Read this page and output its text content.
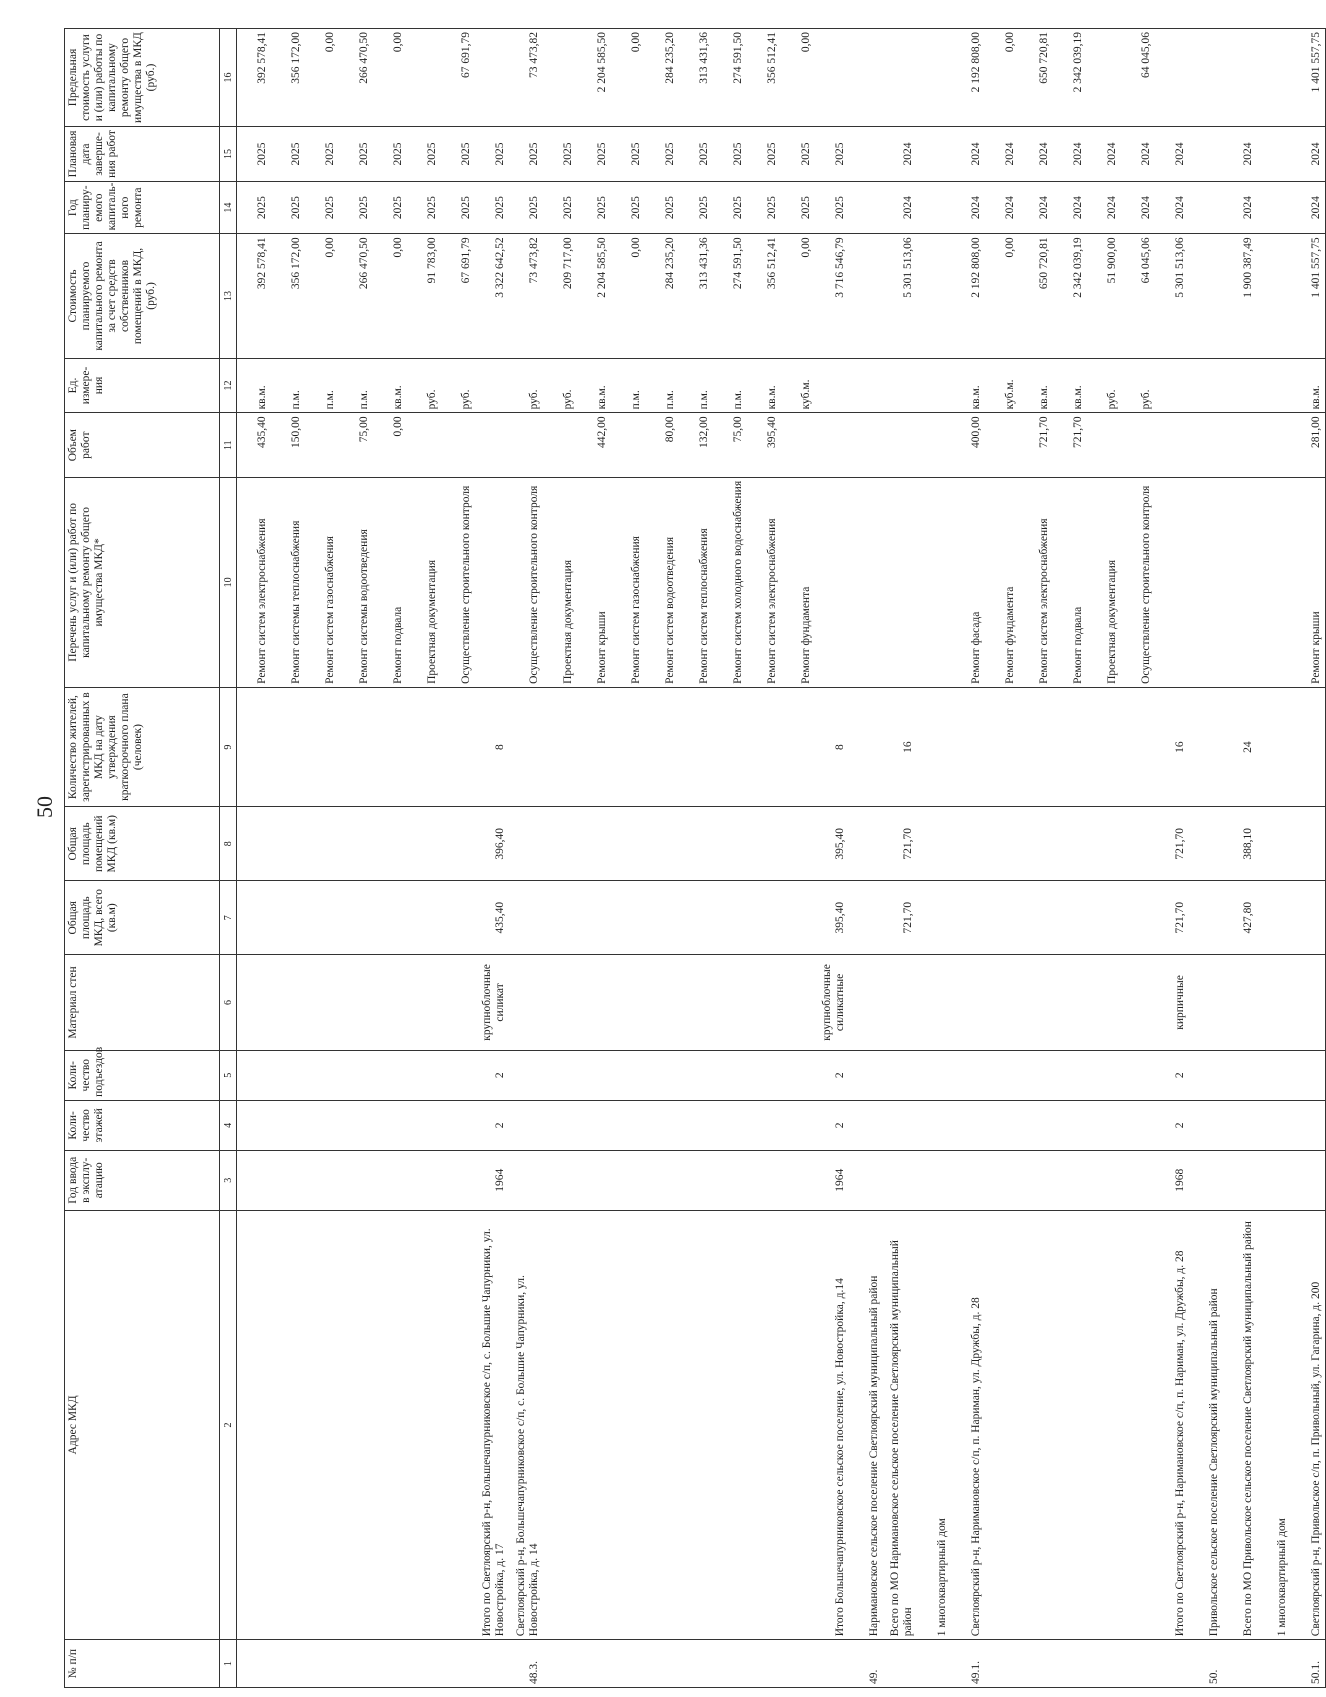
50
№ п/п	Адрес МКД	Год ввода в эксплу-атацию	Коли-чество этажей	Коли-чество подъездов	Материал стен	Общая площадь МКД, всего (кв.м)	Общая площадь помещений МКД (кв.м)	Количество жителей, зарегистрированных в МКД на дату утверждения краткосрочного плана (человек)	Перечень услуг и (или) работ по капитальному ремонту общего имущества МКД*	Объем работ	Ед. измере-ния	Стоимость планируемого капитального ремонта за счет средств собственников помещений в МКД, (руб.)	Год планиру-емого капиталь-ного ремонта	Плановая дата заверше-ния работ	Предельная стоимость услуги и (или) работы по капитальному ремонту общего имущества в МКД (руб.)
1	2	3	4	5	6	7	8	9	10	11	12	13	14	15	16
									Ремонт систем электроснабжения	435,40	кв.м.	392 578,41	2025	2025	392 578,41
									Ремонт системы теплоснабжения	150,00	п.м.	356 172,00	2025	2025	356 172,00
									Ремонт систем газоснабжения		п.м.	0,00	2025	2025	0,00
									Ремонт системы водоотведения	75,00	п.м.	266 470,50	2025	2025	266 470,50
									Ремонт подвала	0,00	кв.м.	0,00	2025	2025	0,00
									Проектная документация		руб.	91 783,00	2025	2025	
									Осуществление строительного контроля		руб.	67 691,79	2025	2025	67 691,79
	Итого по Светлоярский р-н, Большечапурниковское с/п, с. Большие Чапурники, ул. Новостройка, д. 17	1964	2	2	крупноблочные силикат	435,40	396,40	8				3 322 642,52	2025	2025	
48.3.	Светлоярский р-н, Большечапурниковское с/п, с. Большие Чапурники, ул. Новостройка, д. 14								Осуществление строительного контроля		руб.	73 473,82	2025	2025	73 473,82
									Проектная документация		руб.	209 717,00	2025	2025	
									Ремонт крыши	442,00	кв.м.	2 204 585,50	2025	2025	2 204 585,50
									Ремонт систем газоснабжения		п.м.	0,00	2025	2025	0,00
									Ремонт систем водоотведения	80,00	п.м.	284 235,20	2025	2025	284 235,20
									Ремонт систем теплоснабжения	132,00	п.м.	313 431,36	2025	2025	313 431,36
									Ремонт систем холодного водоснабжения	75,00	п.м.	274 591,50	2025	2025	274 591,50
									Ремонт систем электроснабжения	395,40	кв.м.	356 512,41	2025	2025	356 512,41
									Ремонт фундамента		куб.м.	0,00	2025	2025	0,00
	Итого Большечапурниковское сельское поселение, ул. Новостройка, д.14	1964	2	2	крупноблочные силикатные	395,40	395,40	8				3 716 546,79	2025	2025	
49.	Наримановское сельское поселение Светлоярский муниципальный район														
	Всего по МО Наримановское сельское поселение Светлоярский муниципальный район					721,70	721,70	16				5 301 513,06	2024	2024	
	1 многоквартирный дом														
49.1.	Светлоярский р-н, Наримановское с/п, п. Нариман, ул. Дружбы, д. 28								Ремонт фасада	400,00	кв.м.	2 192 808,00	2024	2024	2 192 808,00
									Ремонт фундамента		куб.м.	0,00	2024	2024	0,00
									Ремонт систем электроснабжения	721,70	кв.м.	650 720,81	2024	2024	650 720,81
									Ремонт подвала	721,70	кв.м.	2 342 039,19	2024	2024	2 342 039,19
									Проектная документация		руб.	51 900,00	2024	2024	
									Осуществление строительного контроля		руб.	64 045,06	2024	2024	64 045,06
	Итого по Светлоярский р-н, Наримановское с/п, п. Нариман, ул. Дружбы, д. 28	1968	2	2	кирпичные	721,70	721,70	16				5 301 513,06	2024	2024	
50.	Привольское сельское поселение Светлоярский муниципальный район														
	Всего по МО Привольское сельское поселение Светлоярский муниципальный район					427,80	388,10	24				1 900 387,49	2024	2024	
	1 многоквартирный дом														
50.1.	Светлоярский р-н, Привольское с/п, п. Привольный, ул. Гагарина, д. 200								Ремонт крыши	281,00	кв.м.	1 401 557,75	2024	2024	1 401 557,75
